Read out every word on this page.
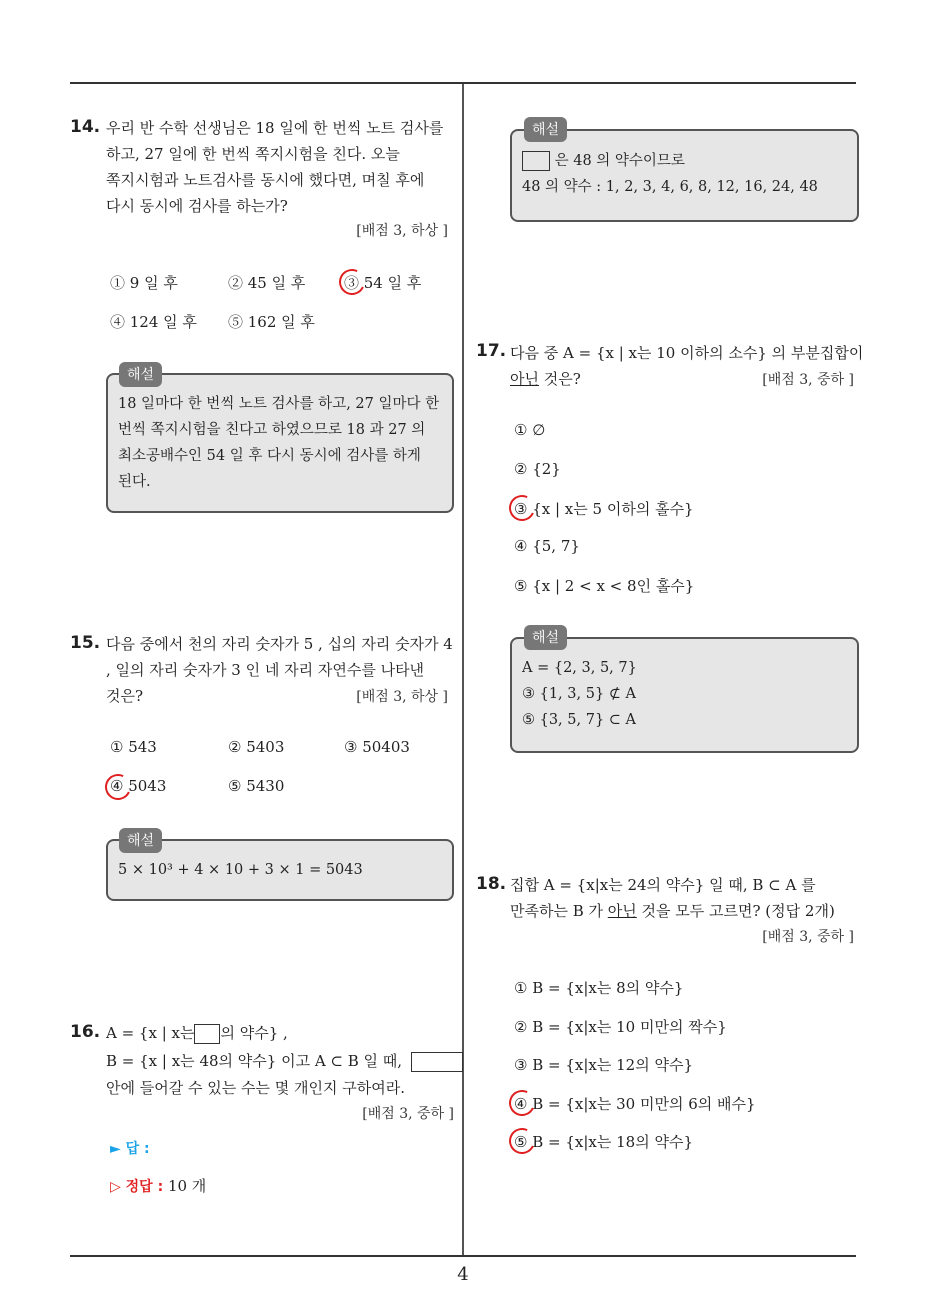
14. 우리 반 수학 선생님은 18 일에 한 번씩 노트 검사를
하고, 27 일에 한 번씩 쪽지시험을 친다. 오늘
쪽지시험과 노트검사를 동시에 했다면, 며칠 후에
다시 동시에 검사를 하는가?
[배점 3, 하상 ]
① 9 일 후	② 45 일 후	③ 54 일 후
④ 124 일 후 ⑤ 162 일 후
해설
18 일마다 한 번씩 노트 검사를 하고, 27 일마다 한
번씩 쪽지시험을 친다고 하였으므로 18 과 27 의
최소공배수인 54 일 후 다시 동시에 검사를 하게
된다.
15. 다음 중에서 천의 자리 숫자가 5 , 십의 자리 숫자가 4
, 일의 자리 숫자가 3 인 네 자리 자연수를 나타낸
것은?	[배점 3, 하상 ]
① 543	② 5403	③ 50403
④ 5043	⑤ 5430
해설
5 × 10³ + 4 × 10 + 3 × 1 = 5043
16. A = {x | x는 의 약수} ,
B = {x | x는 48의 약수} 이고 A ⊂ B 일 때,
안에 들어갈 수 있는 수는 몇 개인지 구하여라.
[배점 3, 중하 ]
► 답 :
▷ 정답 : 10 개
해설
은 48 의 약수이므로
48 의 약수 : 1, 2, 3, 4, 6, 8, 12, 16, 24, 48
17. 다음 중 A = {x | x는 10 이하의 소수} 의 부분집합이
아닌 것은?	[배점 3, 중하 ]
① ∅
② {2}
③ {x | x는 5 이하의 홀수}
④ {5, 7}
⑤ {x | 2 < x < 8인 홀수}
해설
A = {2, 3, 5, 7}
③ {1, 3, 5} ⊄ A
⑤ {3, 5, 7} ⊂ A
18. 집합 A = {x|x는 24의 약수} 일 때, B ⊂ A 를
만족하는 B 가 아닌 것을 모두 고르면? (정답 2개)
[배점 3, 중하 ]
① B = {x|x는 8의 약수}
② B = {x|x는 10 미만의 짝수}
③ B = {x|x는 12의 약수}
④ B = {x|x는 30 미만의 6의 배수}
⑤ B = {x|x는 18의 약수}
4
